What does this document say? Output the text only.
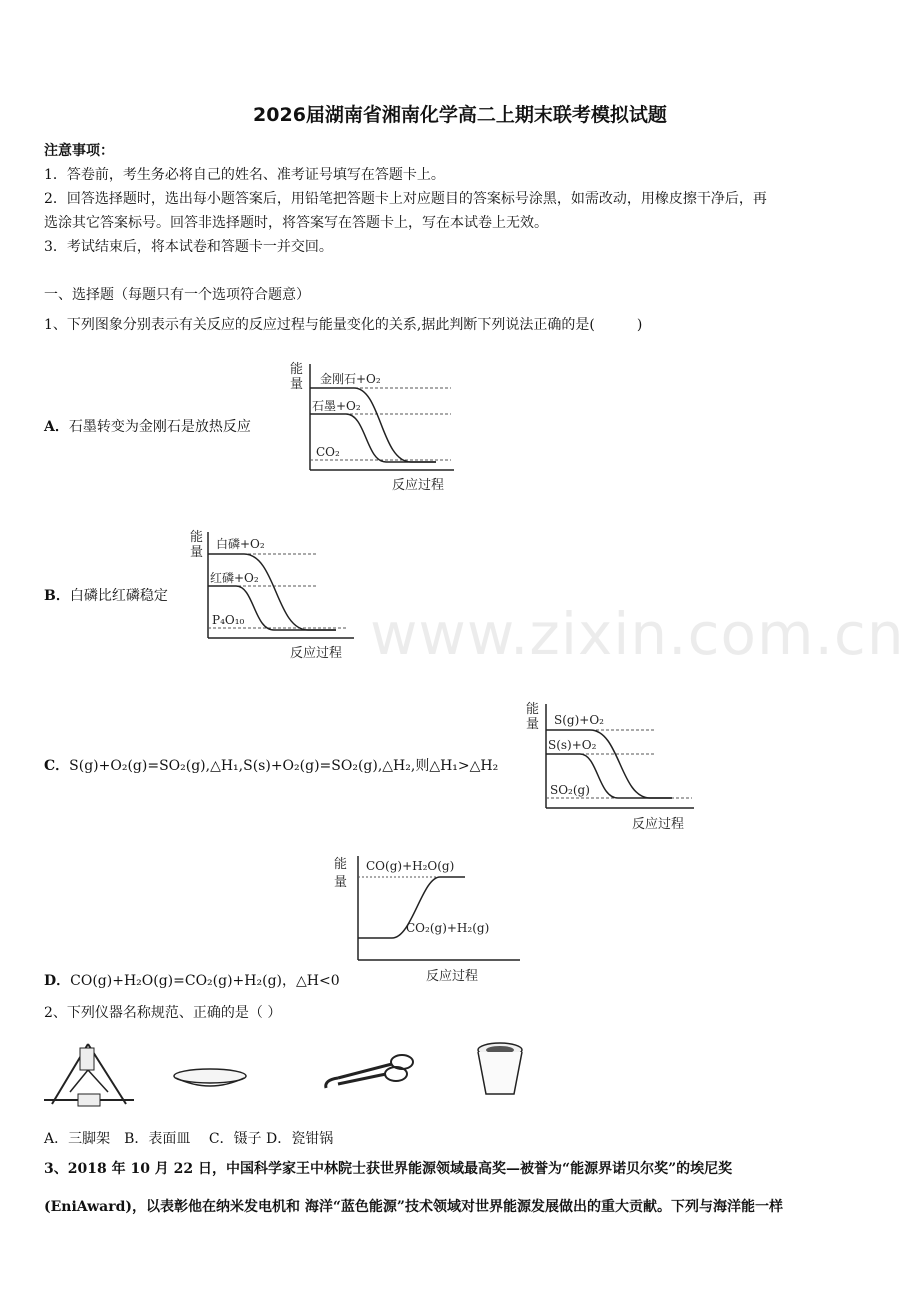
2026届湖南省湘南化学高二上期末联考模拟试题
注意事项：
1．答卷前，考生务必将自己的姓名、准考证号填写在答题卡上。
2．回答选择题时，选出每小题答案后，用铅笔把答题卡上对应题目的答案标号涂黑，如需改动，用橡皮擦干净后，再
选涂其它答案标号。回答非选择题时，将答案写在答题卡上，写在本试卷上无效。
3．考试结束后，将本试卷和答题卡一并交回。
一、选择题（每题只有一个选项符合题意）
1、下列图象分别表示有关反应的反应过程与能量变化的关系,据此判断下列说法正确的是(　　　)
A．石墨转变为金刚石是放热反应
能
量 金刚石+O₂
石墨+O₂
CO₂
反应过程
B．白磷比红磷稳定
能
量
白磷+O₂
红磷+O₂
P₄O₁₀
反应过程 www.zixin.com.cn
C．S(g)+O₂(g)=SO₂(g),△H₁,S(s)+O₂(g)=SO₂(g),△H₂,则△H₁>△H₂
能
量 S(g)+O₂
S(s)+O₂
SO₂(g)
反应过程
能
量
CO(g)+H₂O(g)
CO₂(g)+H₂(g)
反应过程
D．CO(g)+H₂O(g)=CO₂(g)+H₂(g)，△H<0
2、下列仪器名称规范、正确的是（ ）
A．三脚架　B．表面皿　 C．镊子 D．瓷钳锅
3、2018 年 10 月 22 日，中国科学家王中林院士获世界能源领域最高奖—被誉为“能源界诺贝尔奖”的埃尼奖
(EniAward)，以表彰他在纳米发电机和 海洋“蓝色能源”技术领域对世界能源发展做出的重大贡献。下列与海洋能一样
